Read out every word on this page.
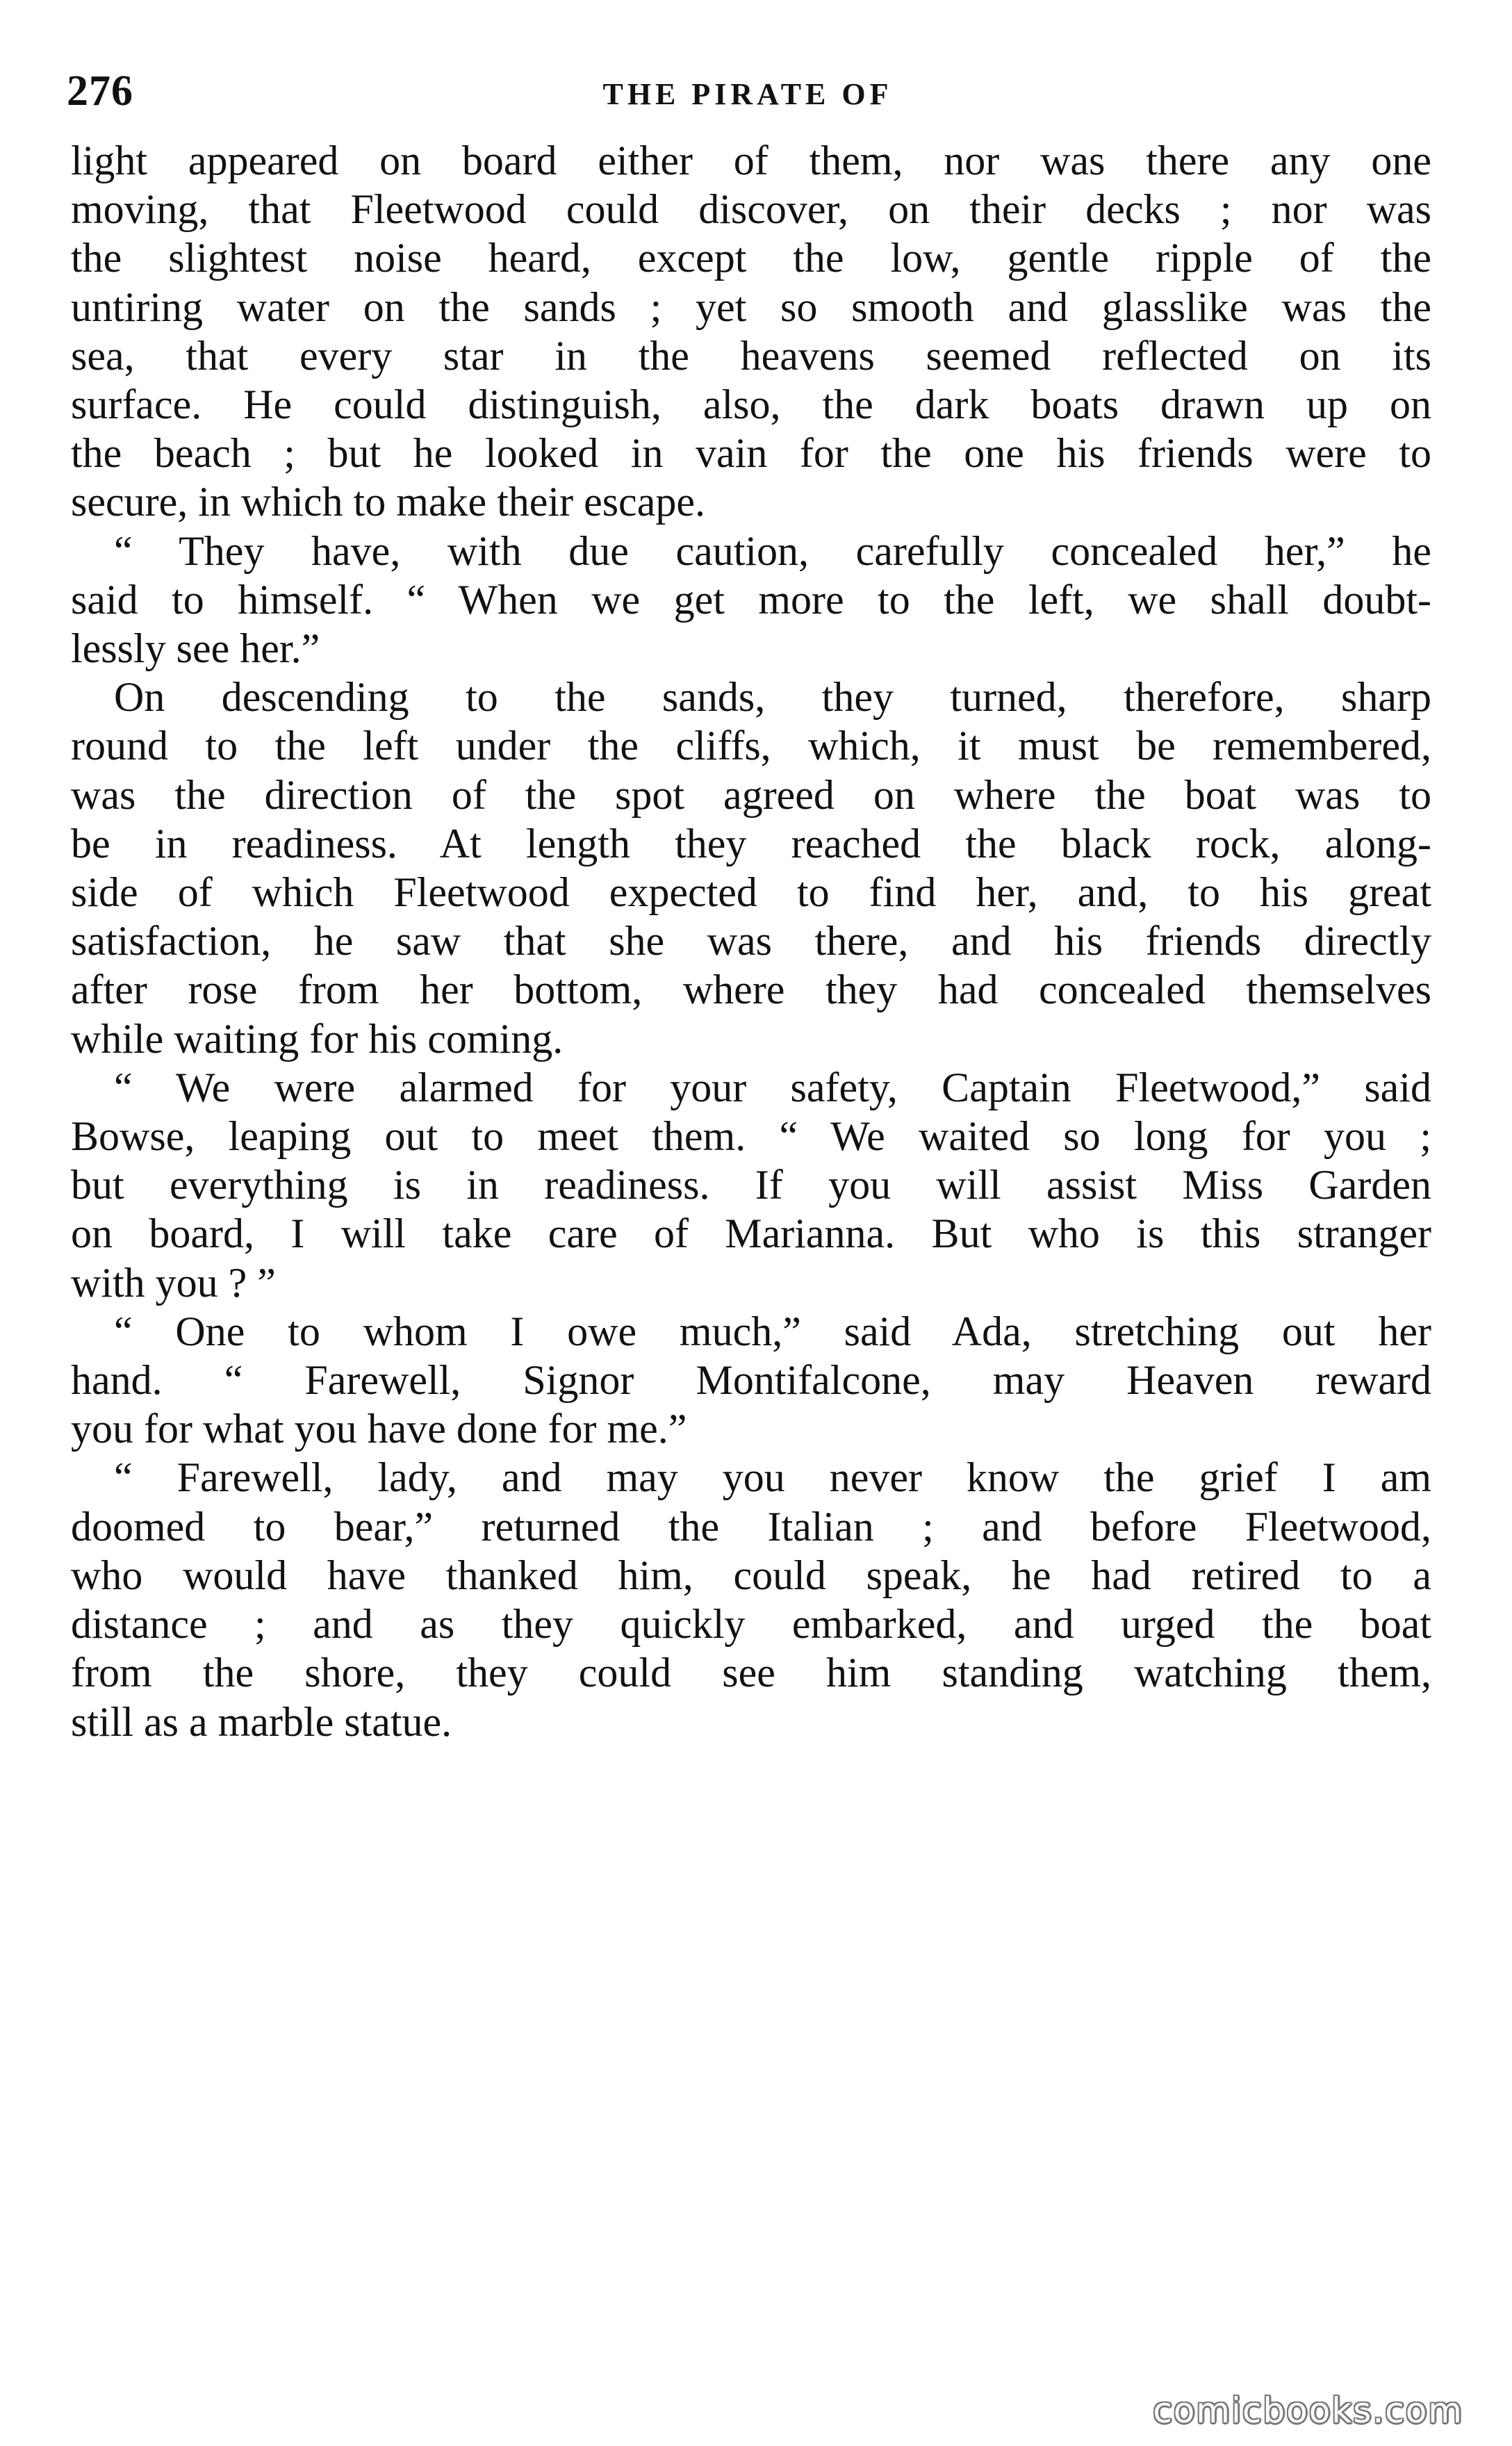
276	THE PIRATE OF

light appeared on board either of them, nor was there any one

moving, that Fleetwood could discover, on their decks ; nor was

the slightest noise heard, except the low, gentle ripple of the

untiring water on the sands ; yet so smooth and glasslike was the

sea, that every star in the heavens seemed reflected on its

surface. He could distinguish, also, the dark boats drawn up on

the beach ; but he looked in vain for the one his friends were to

secure, in which to make their escape.

“ They have, with due caution, carefully concealed her,” he

said to himself. “ When we get more to the left, we shall doubt-

lessly see her.”

On descending to the sands, they turned, therefore, sharp

round to the left under the cliffs, which, it must be remembered,

was the direction of the spot agreed on where the boat was to

be in readiness. At length they reached the black rock, along-

side of which Fleetwood expected to find her, and, to his great

satisfaction, he saw that she was there, and his friends directly

after rose from her bottom, where they had concealed themselves

while waiting for his coming.

“ We were alarmed for your safety, Captain Fleetwood,” said

Bowse, leaping out to meet them. “ We waited so long for you ;

but everything is in readiness. If you will assist Miss Garden

on board, I will take care of Marianna. But who is this stranger

with you ? ”

“ One to whom I owe much,” said Ada, stretching out her

hand. “ Farewell, Signor Montifalcone, may Heaven reward

you for what you have done for me.”

“ Farewell, lady, and may you never know the grief I am

doomed to bear,” returned the Italian ; and before Fleetwood,

who would have thanked him, could speak, he had retired to a

distance ; and as they quickly embarked, and urged the boat

from the shore, they could see him standing watching them,

still as a marble statue.

comicbooks.com
